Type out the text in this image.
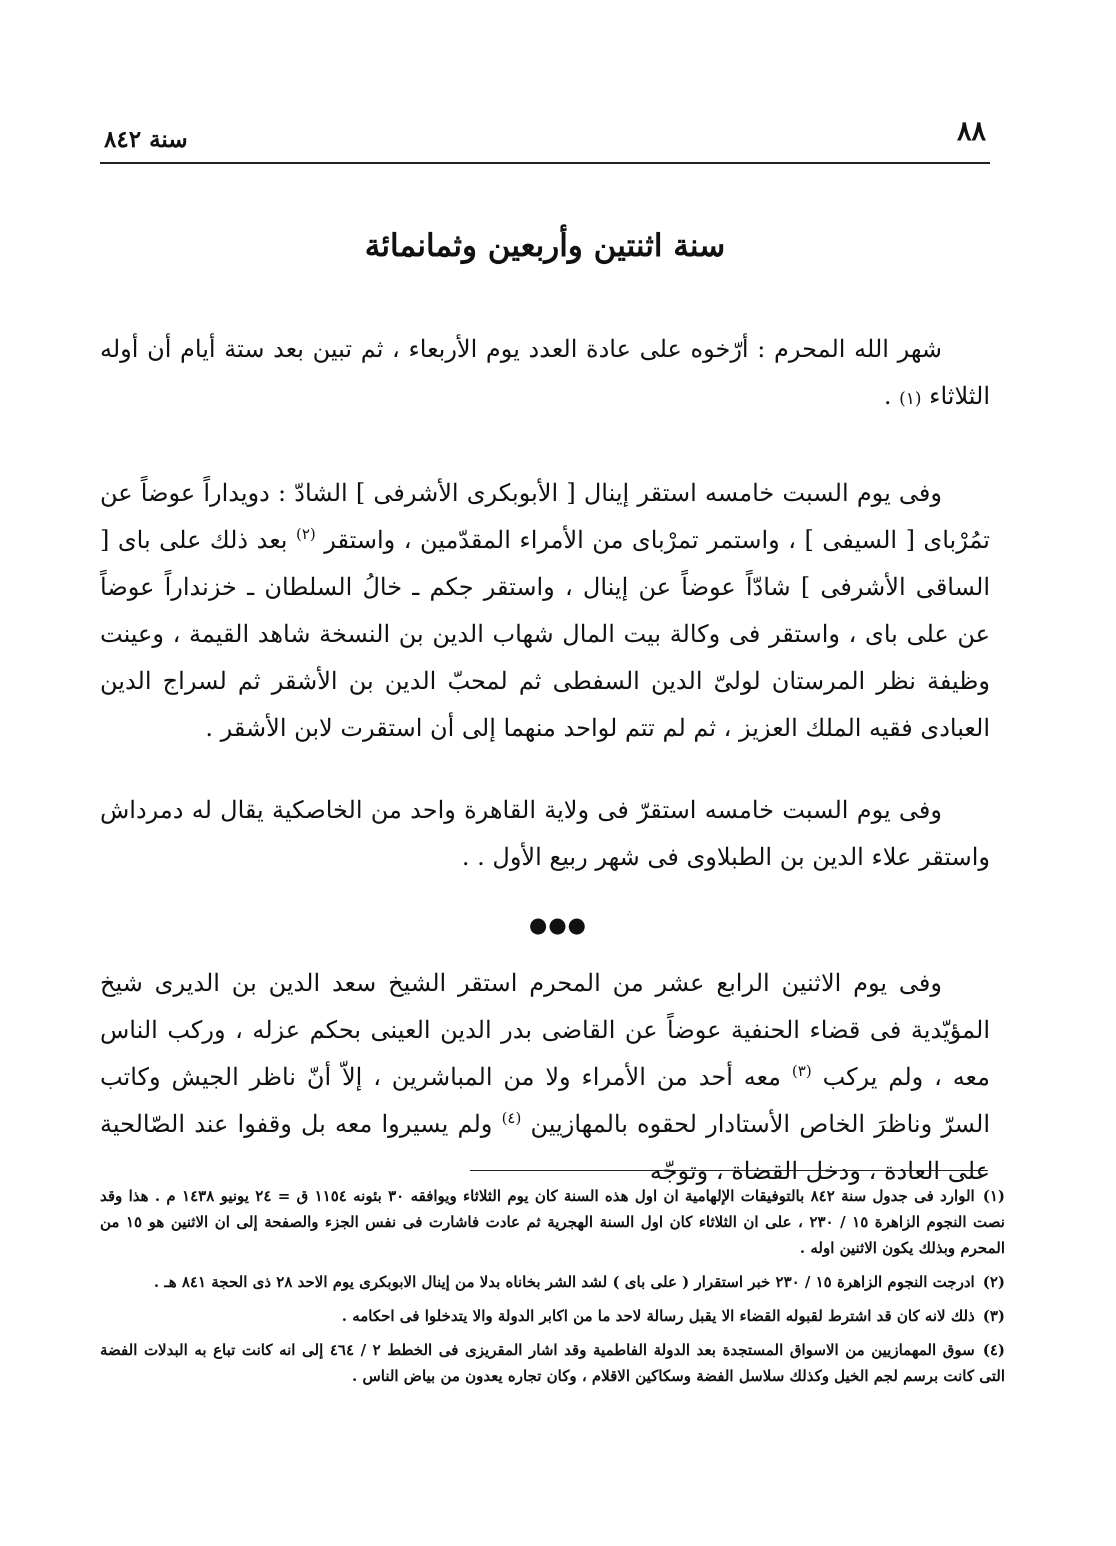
٨٨
سنة ٨٤٢
سنة اثنتين وأربعين وثمانمائة

شهر الله المحرم : أرّخوه على عادة العدد يوم الأربعاء ، ثم تبين بعد ستة أيام أن أوله الثلاثاء (١) .

وفى يوم السبت خامسه استقر إينال [ الأبوبكرى الأشرفى ] الشادّ : دويداراً عوضاً عن تمُرْباى [ السيفى ] ، واستمر تمرْباى من الأمراء المقدّمين ، واستقر $^{(٢)}$ بعد ذلك على باى [ الساقى الأشرفى ] شادّاً عوضاً عن إينال ، واستقر جكم ـ خالُ السلطان ـ خزنداراً عوضاً عن على باى ، واستقر فى وكالة بيت المال شهاب الدين بن النسخة شاهد القيمة ، وعينت وظيفة نظر المرستان لولىّ الدين السفطى ثم لمحبّ الدين بن الأشقر ثم لسراج الدين العبادى فقيه الملك العزيز ، ثم لم تتم لواحد منهما إلى أن استقرت لابن الأشقر .

وفى يوم السبت خامسه استقرّ فى ولاية القاهرة واحد من الخاصكية يقال له دمرداش واستقر علاء الدين بن الطبلاوى فى شهر ربيع الأول . .

●●●

وفى يوم الاثنين الرابع عشر من المحرم استقر الشيخ سعد الدين بن الديرى شيخ المؤيّدية فى قضاء الحنفية عوضاً عن القاضى بدر الدين العينى بحكم عزله ، وركب الناس معه ، ولم يركب $^{(٣)}$ معه أحد من الأمراء ولا من المباشرين ، إلاّ أنّ ناظر الجيش وكاتب السرّ وناظرَ الخاص الأستادار لحقوه بالمهازيين $^{(٤)}$ ولم يسيروا معه بل وقفوا عند الصّالحية على العادة ، ودخل القضاة ، وتوجّه

(١)الوارد فى جدول سنة ٨٤٢ بالتوفيقات الإلهامية ان اول هذه السنة كان يوم الثلاثاء ويوافقه ٣٠ بئونه ١١٥٤ ق = ٢٤ يونيو ١٤٣٨ م . هذا وقد نصت النجوم الزاهرة ١٥ / ٢٣٠ ، على ان الثلاثاء كان اول السنة الهجرية ثم عادت فاشارت فى نفس الجزء والصفحة إلى ان الاثنين هو ١٥ من المحرم وبذلك يكون الاثنين اوله .

(٢)ادرجت النجوم الزاهرة ١٥ / ٢٣٠ خبر استقرار ( على باى ) لشد الشر بخاناه بدلا من إينال الابوبكرى يوم الاحد ٢٨ ذى الحجة ٨٤١ هـ .

(٣)ذلك لانه كان قد اشترط لقبوله القضاء الا يقبل رسالة لاحد ما من اكابر الدولة والا يتدخلوا فى احكامه .

(٤)سوق المهمازيين من الاسواق المستجدة بعد الدولة الفاطمية وقد اشار المقريزى فى الخطط ٢ / ٤٦٤ إلى انه كانت تباع به البدلات الفضة التى كانت برسم لجم الخيل وكذلك سلاسل الفضة وسكاكين الاقلام ، وكان تجاره يعدون من بياض الناس .
